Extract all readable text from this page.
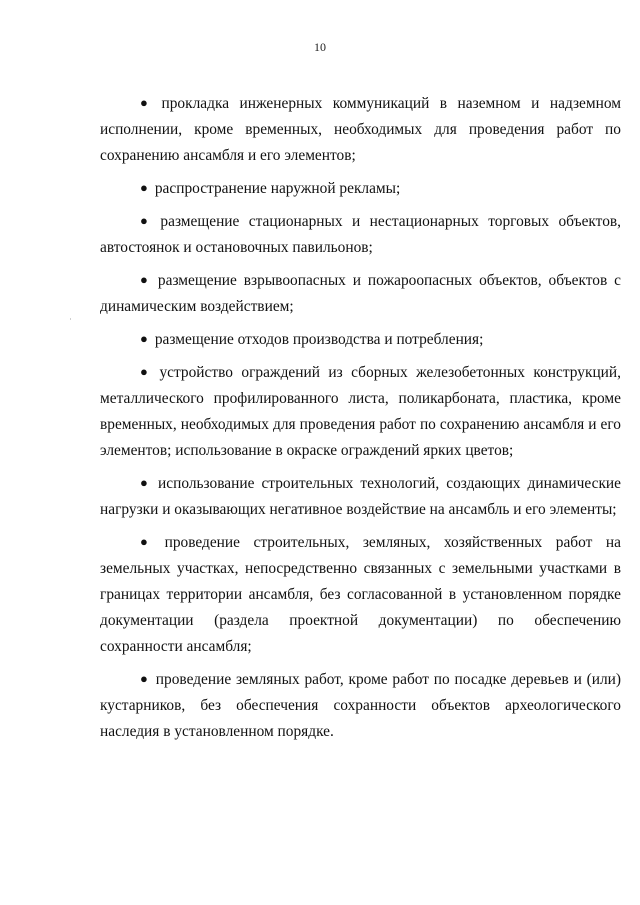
10

● прокладка инженерных коммуникаций в наземном и надземном исполнении, кроме временных, необходимых для проведения работ по сохранению ансамбля и его элементов;

● распространение наружной рекламы;

● размещение стационарных и нестационарных торговых объектов, автостоянок и остановочных павильонов;

● размещение взрывоопасных и пожароопасных объектов, объектов с динамическим воздействием;

● размещение отходов производства и потребления;

● устройство ограждений из сборных железобетонных конструкций, металлического профилированного листа, поликарбоната, пластика, кроме временных, необходимых для проведения работ по сохранению ансамбля и его элементов; использование в окраске ограждений ярких цветов;

● использование строительных технологий, создающих динамические нагрузки и оказывающих негативное воздействие на ансамбль и его элементы;

● проведение строительных, земляных, хозяйственных работ на земельных участках, непосредственно связанных с земельными участками в границах территории ансамбля, без согласованной в установленном порядке документации (раздела проектной документации) по обеспечению сохранности ансамбля;

● проведение земляных работ, кроме работ по посадке деревьев и (или) кустарников, без обеспечения сохранности объектов археологического наследия в установленном порядке.
